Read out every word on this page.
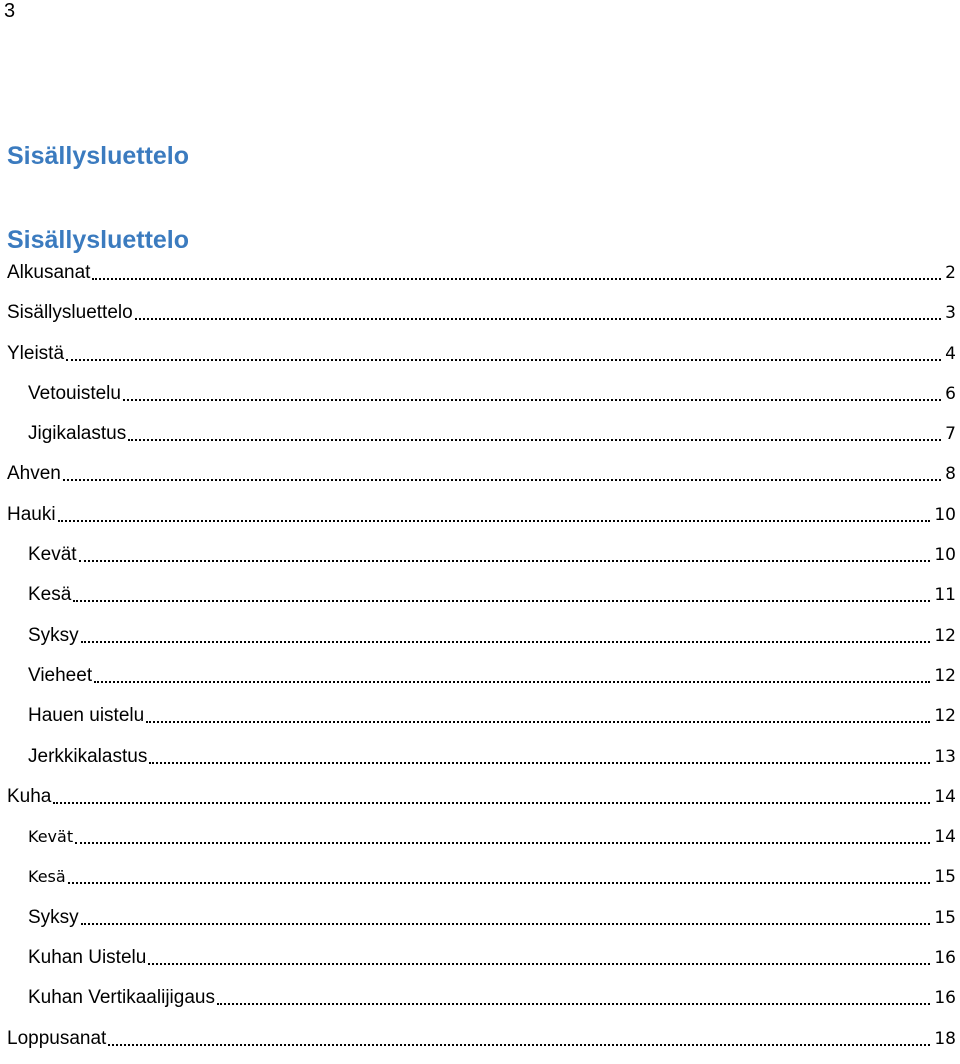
3
Sisällysluettelo
Sisällysluettelo
Alkusanat	2
Sisällysluettelo	3
Yleistä	4
Vetouistelu	6
Jigikalastus	7
Ahven	8
Hauki	10
Kevät	10
Kesä	11
Syksy	12
Vieheet	12
Hauen uistelu	12
Jerkkikalastus	13
Kuha	14
Kevät	14
Kesä	15
Syksy	15
Kuhan Uistelu	16
Kuhan Vertikaalijigaus	16
Loppusanat	18
